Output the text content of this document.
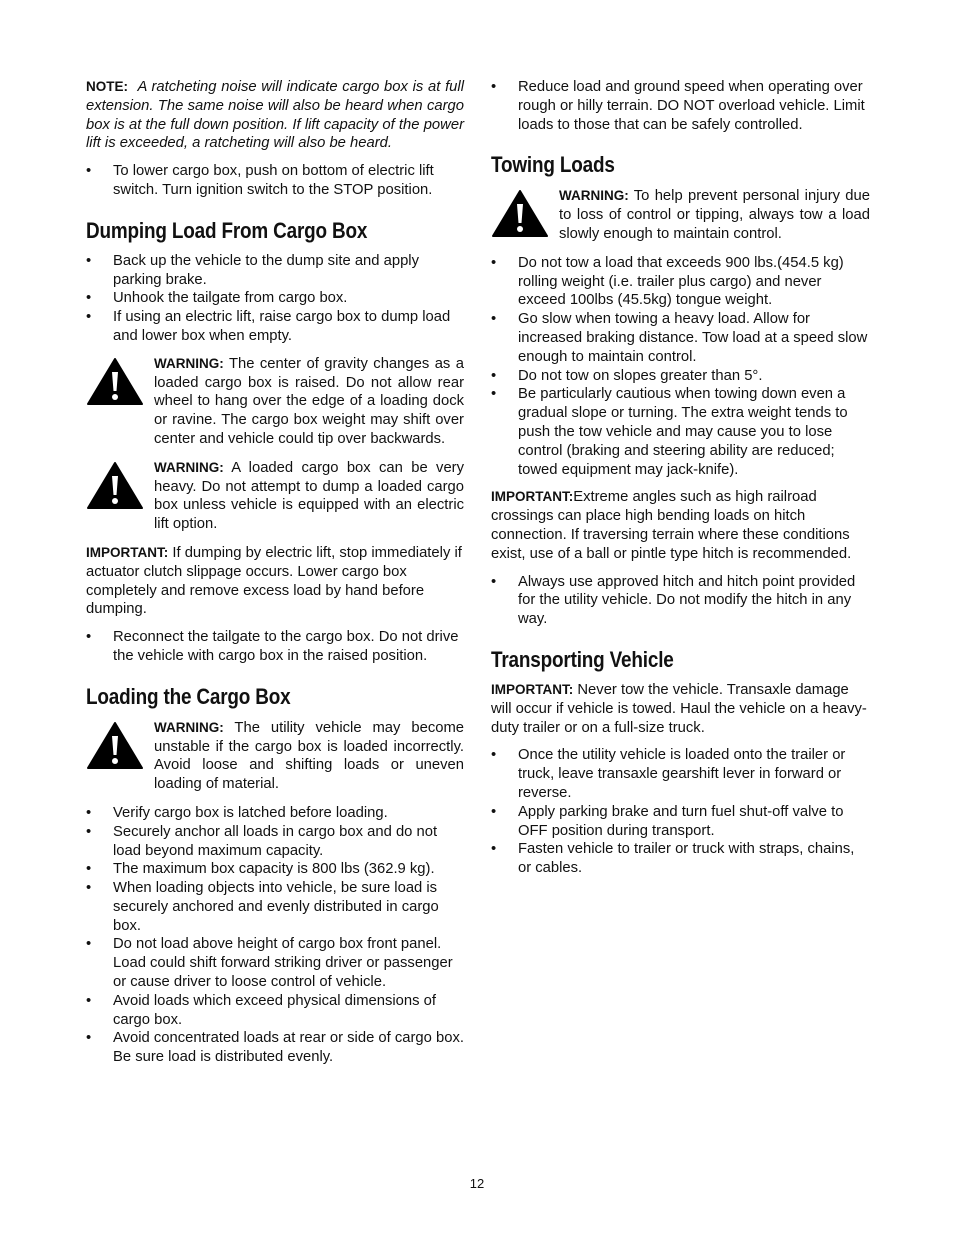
NOTE: A ratcheting noise will indicate cargo box is at full extension. The same noise will also be heard when cargo box is at the full down position. If lift capacity of the power lift is exceeded, a ratcheting will also be heard.

• To lower cargo box, push on bottom of electric lift switch. Turn ignition switch to the STOP position.
Dumping Load From Cargo Box
• Back up the vehicle to the dump site and apply parking brake.
• Unhook the tailgate from cargo box.
• If using an electric lift, raise cargo box to dump load and lower box when empty.

WARNING: The center of gravity changes as a loaded cargo box is raised. Do not allow rear wheel to hang over the edge of a loading dock or ravine. The cargo box weight may shift over center and vehicle could tip over backwards.

WARNING: A loaded cargo box can be very heavy. Do not attempt to dump a loaded cargo box unless vehicle is equipped with an electric lift option.

IMPORTANT: If dumping by electric lift, stop immediately if actuator clutch slippage occurs. Lower cargo box completely and remove excess load by hand before dumping.

• Reconnect the tailgate to the cargo box. Do not drive the vehicle with cargo box in the raised position.
Loading the Cargo Box

WARNING: The utility vehicle may become unstable if the cargo box is loaded incorrectly. Avoid loose and shifting loads or uneven loading of material.

• Verify cargo box is latched before loading.
• Securely anchor all loads in cargo box and do not load beyond maximum capacity.
• The maximum box capacity is 800 lbs (362.9 kg).
• When loading objects into vehicle, be sure load is securely anchored and evenly distributed in cargo box.
• Do not load above height of cargo box front panel. Load could shift forward striking driver or passenger or cause driver to loose control of vehicle.
• Avoid loads which exceed physical dimensions of cargo box.
• Avoid concentrated loads at rear or side of cargo box. Be sure load is distributed evenly.
• Reduce load and ground speed when operating over rough or hilly terrain. DO NOT overload vehicle. Limit loads to those that can be safely controlled.
Towing Loads

WARNING: To help prevent personal injury due to loss of control or tipping, always tow a load slowly enough to maintain control.

• Do not tow a load that exceeds 900 lbs.(454.5 kg) rolling weight (i.e. trailer plus cargo) and never exceed 100lbs (45.5kg) tongue weight.
• Go slow when towing a heavy load. Allow for increased braking distance. Tow load at a speed slow enough to maintain control.
• Do not tow on slopes greater than 5°.
• Be particularly cautious when towing down even a gradual slope or turning. The extra weight tends to push the tow vehicle and may cause you to lose control (braking and steering ability are reduced; towed equipment may jack-knife).

IMPORTANT:Extreme angles such as high railroad crossings can place high bending loads on hitch connection. If traversing terrain where these conditions exist, use of a ball or pintle type hitch is recommended.

• Always use approved hitch and hitch point provided for the utility vehicle. Do not modify the hitch in any way.
Transporting Vehicle

IMPORTANT: Never tow the vehicle. Transaxle damage will occur if vehicle is towed. Haul the vehicle on a heavy-duty trailer or on a full-size truck.

• Once the utility vehicle is loaded onto the trailer or truck, leave transaxle gearshift lever in forward or reverse.
• Apply parking brake and turn fuel shut-off valve to OFF position during transport.
• Fasten vehicle to trailer or truck with straps, chains, or cables.
12
